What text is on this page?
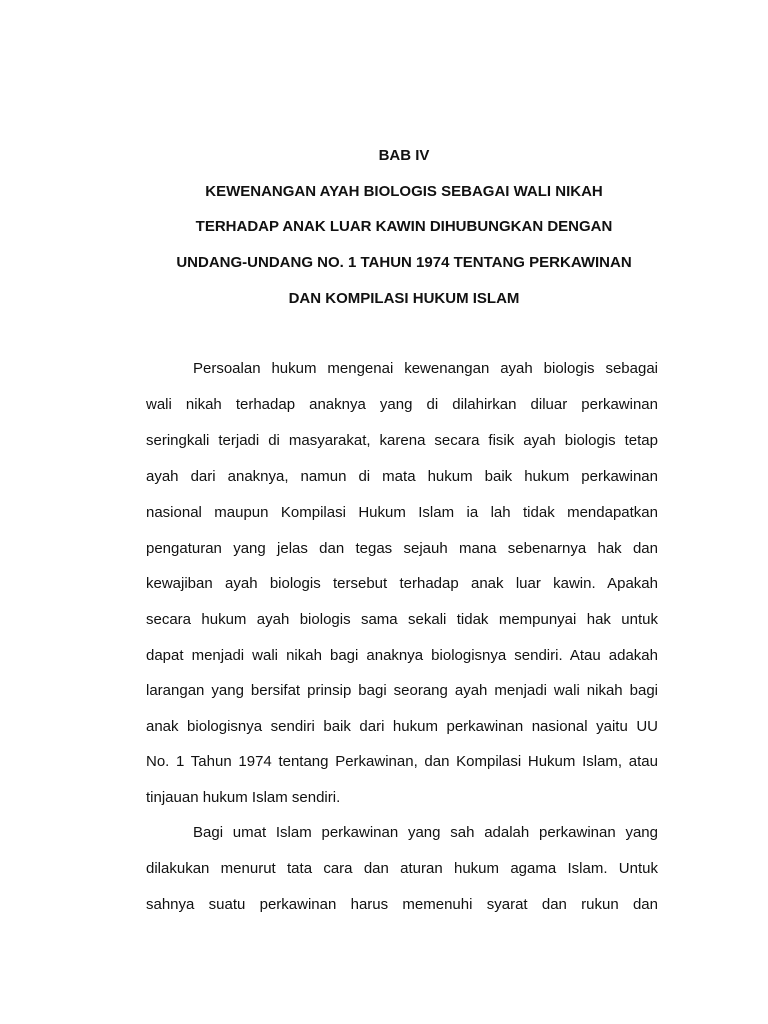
BAB IV
KEWENANGAN AYAH BIOLOGIS SEBAGAI WALI NIKAH
TERHADAP ANAK LUAR KAWIN DIHUBUNGKAN DENGAN
UNDANG-UNDANG NO. 1 TAHUN 1974 TENTANG PERKAWINAN
DAN KOMPILASI HUKUM ISLAM
Persoalan hukum mengenai kewenangan ayah biologis sebagai
wali nikah terhadap anaknya yang di dilahirkan diluar perkawinan
seringkali terjadi di masyarakat, karena secara fisik ayah biologis tetap
ayah dari anaknya, namun di mata hukum baik hukum perkawinan
nasional maupun Kompilasi Hukum Islam ia lah tidak mendapatkan
pengaturan yang jelas dan tegas sejauh mana sebenarnya hak dan
kewajiban ayah biologis tersebut terhadap anak luar kawin. Apakah
secara hukum ayah biologis sama sekali tidak mempunyai hak untuk
dapat menjadi wali nikah bagi anaknya biologisnya sendiri. Atau adakah
larangan yang bersifat prinsip bagi seorang ayah menjadi wali nikah bagi
anak biologisnya sendiri baik dari hukum perkawinan nasional yaitu UU
No. 1 Tahun 1974 tentang Perkawinan, dan Kompilasi Hukum Islam, atau
tinjauan hukum Islam sendiri.
Bagi umat Islam perkawinan yang sah adalah perkawinan yang
dilakukan menurut tata cara dan aturan hukum agama Islam. Untuk
sahnya suatu perkawinan harus memenuhi syarat dan rukun dan
